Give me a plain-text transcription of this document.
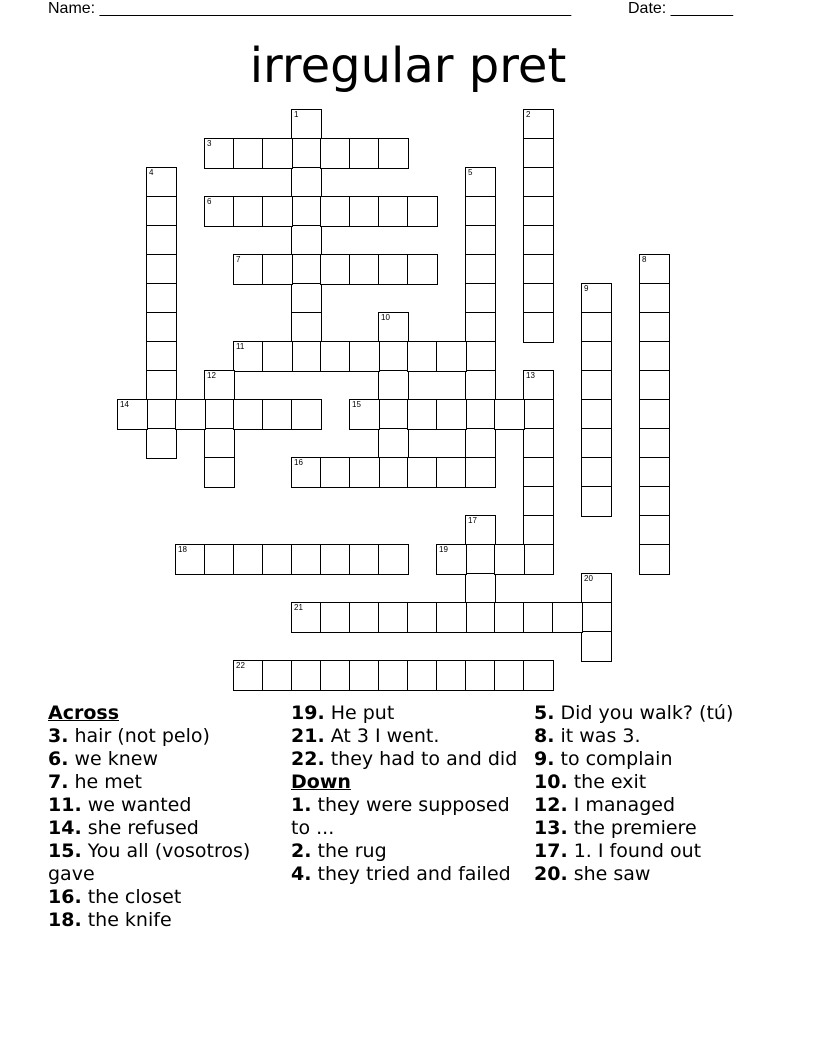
Name: _____________________________________________________	Date: _______
irregular pret
1	2
3
4	5
6
7	8
9
10
11
12	13
14	15
16
17
18	19
20
21
22
Across
3. hair (not pelo)
6. we knew
7. he met
11. we wanted
14. she refused
15. You all (vosotros) gave
16. the closet
18. the knife
19. He put
21. At 3 I went.
22. they had to and did
Down
1. they were supposed to ...
2. the rug
4. they tried and failed
5. Did you walk? (tú)
8. it was 3.
9. to complain
10. the exit
12. I managed
13. the premiere
17. 1. I found out
20. she saw
